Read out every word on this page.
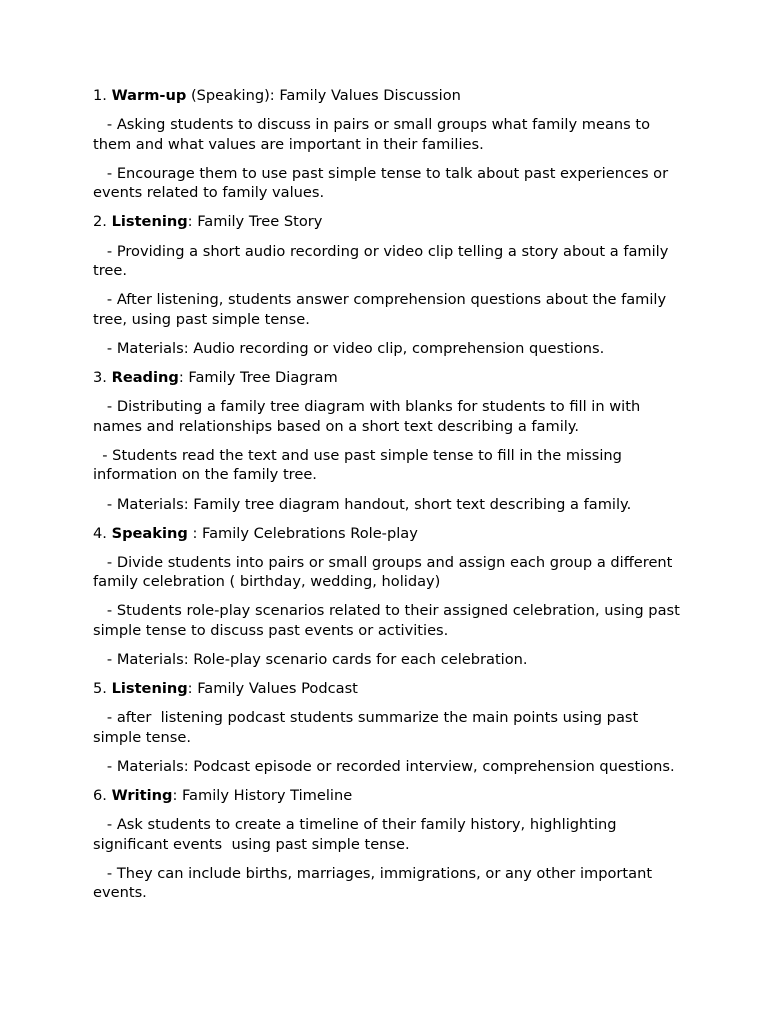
1. Warm-up (Speaking): Family Values Discussion

- Asking students to discuss in pairs or small groups what family means to them and what values are important in their families.

- Encourage them to use past simple tense to talk about past experiences or events related to family values.

2. Listening: Family Tree Story

- Providing a short audio recording or video clip telling a story about a family tree.

- After listening, students answer comprehension questions about the family tree, using past simple tense.

- Materials: Audio recording or video clip, comprehension questions.

3. Reading: Family Tree Diagram

- Distributing a family tree diagram with blanks for students to fill in with names and relationships based on a short text describing a family.

- Students read the text and use past simple tense to fill in the missing information on the family tree.

- Materials: Family tree diagram handout, short text describing a family.

4. Speaking : Family Celebrations Role-play

- Divide students into pairs or small groups and assign each group a different family celebration ( birthday, wedding, holiday)

- Students role-play scenarios related to their assigned celebration, using past simple tense to discuss past events or activities.

- Materials: Role-play scenario cards for each celebration.

5. Listening: Family Values Podcast

- after  listening podcast students summarize the main points using past simple tense.

- Materials: Podcast episode or recorded interview, comprehension questions.

6. Writing: Family History Timeline

- Ask students to create a timeline of their family history, highlighting significant events  using past simple tense.

- They can include births, marriages, immigrations, or any other important events.
